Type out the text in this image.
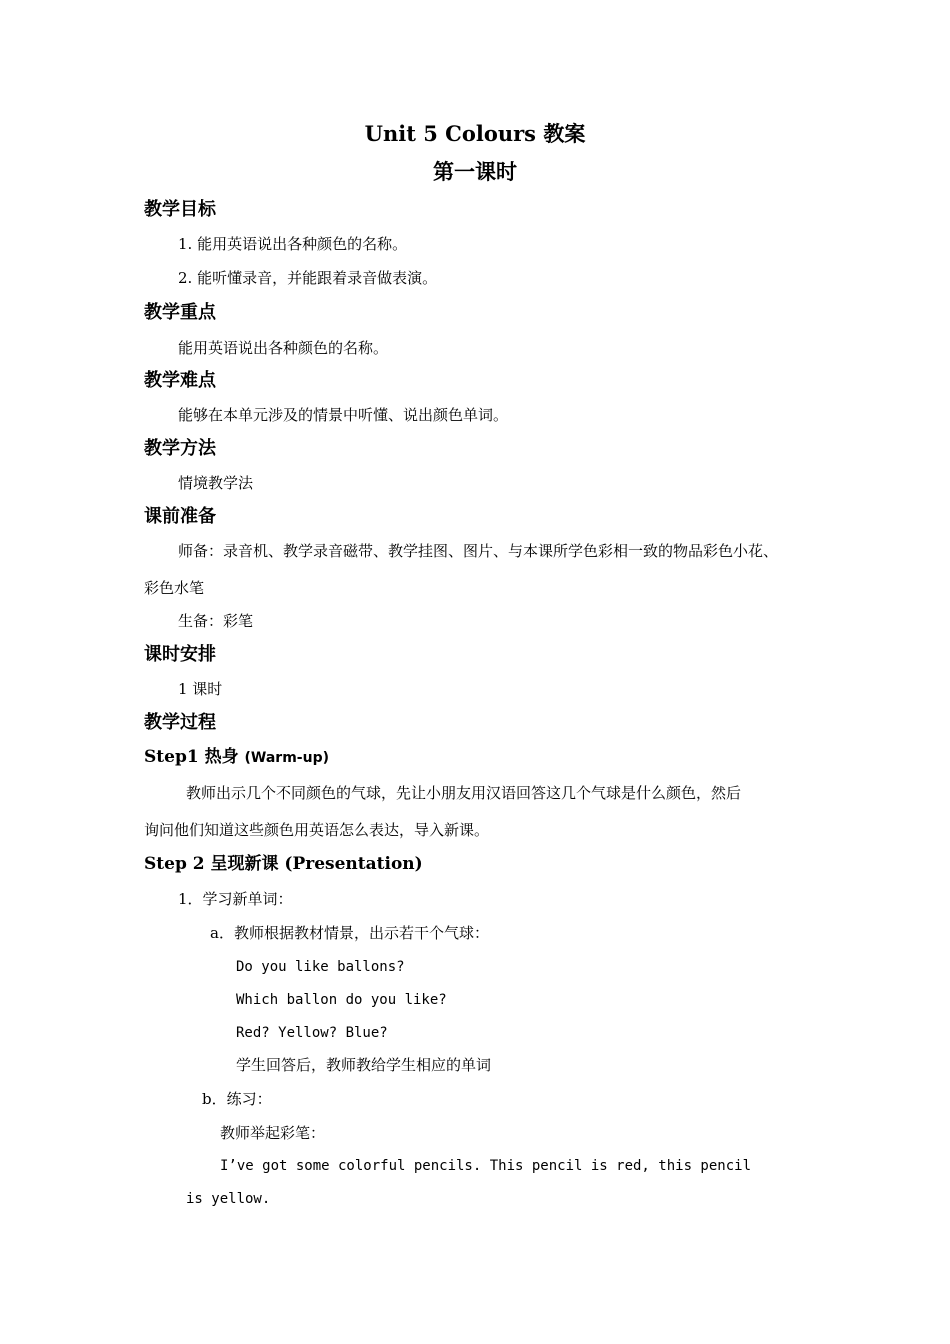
Unit 5 Colours 教案
第一课时
教学目标
1. 能用英语说出各种颜色的名称。
2. 能听懂录音，并能跟着录音做表演。
教学重点
能用英语说出各种颜色的名称。
教学难点
能够在本单元涉及的情景中听懂、说出颜色单词。
教学方法
情境教学法
课前准备
师备：录音机、教学录音磁带、教学挂图、图片、与本课所学色彩相一致的物品彩色小花、
彩色水笔
生备：彩笔
课时安排
1 课时
教学过程
Step1 热身 (Warm-up)
教师出示几个不同颜色的气球，先让小朋友用汉语回答这几个气球是什么颜色，然后
询问他们知道这些颜色用英语怎么表达，导入新课。
Step 2 呈现新课 (Presentation)
1．学习新单词：
a．教师根据教材情景，出示若干个气球：
Do you like ballons?
Which ballon do you like?
Red? Yellow? Blue?
学生回答后，教师教给学生相应的单词
b．练习：
教师举起彩笔：
I’ve got some colorful pencils. This pencil is red, this pencil
is yellow.
